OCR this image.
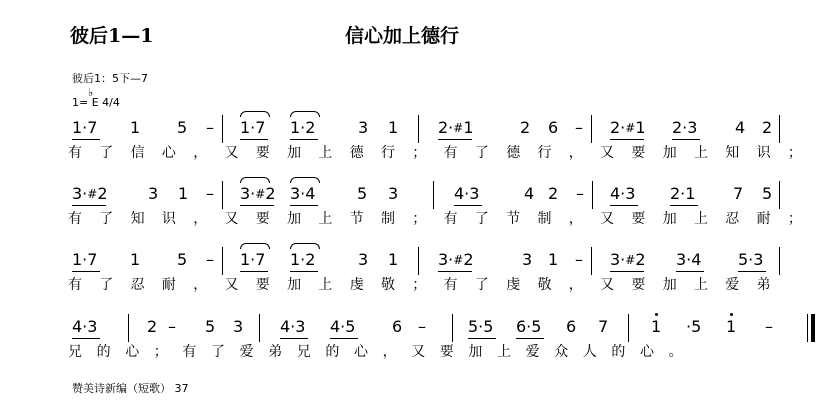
彼后1—1	信心加上德行
彼后1：5下—7
♭
1= E 4/4
1·7 1 5 – 1·7 1·2	3 1 2·#1	2 6 – 2·#1 2·3 4 2
有 了 信 心 ， 又 要 加 上 德 行 ； 有 了 德 行 ， 又 要 加 上 知 识 ；
3·#2	3 1 – 3·#2 3·4	5 3	4·3	4 2 – 4·3 2·1 7 5
有 了 知 识 ， 又 要 加 上 节 制 ； 有 了 节 制 ， 又 要 加 上 忍 耐 ；
1·7 1 5 – 1·7 1·2	3 1 3·#2	3 1 – 3·#2 3·4 5·3
有 了 忍 耐 ， 又 要 加 上 虔 敬 ； 有 了 虔 敬 ， 又 要 加 上 爱 弟
4·3	2 – 5 3 4·3 4·5 6 –	5·5 6·5 6 7	1 ·5 1 –
兄 的 心 ； 有 了 爱 弟 兄 的 心 ， 又 要 加 上 爱 众 人 的 心 。
赞美诗新编（短歌） 37
